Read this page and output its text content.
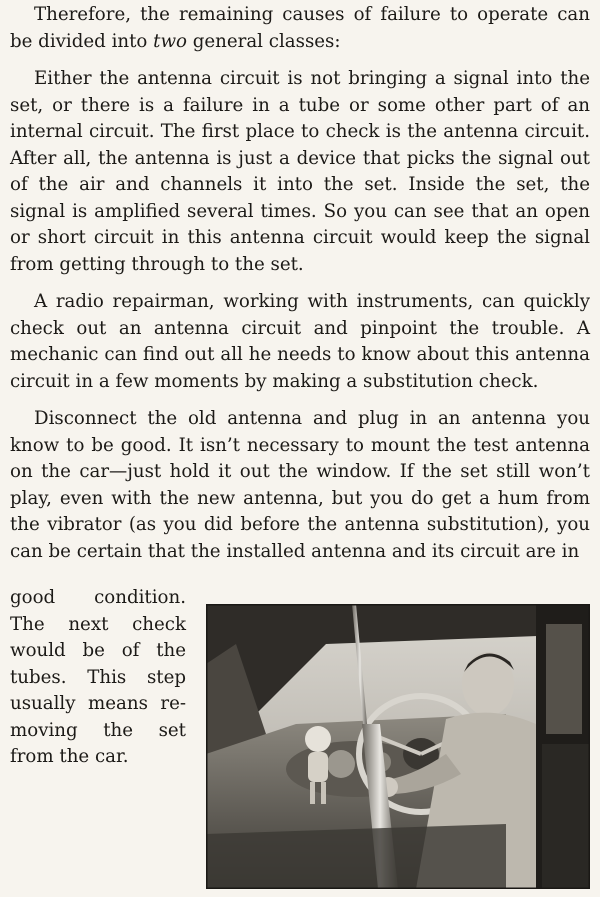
Therefore, the remaining causes of failure to operate can be divided into two general classes:

Either the antenna circuit is not bringing a signal into the set, or there is a failure in a tube or some other part of an internal circuit. The first place to check is the antenna circuit. After all, the antenna is just a device that picks the signal out of the air and channels it into the set. Inside the set, the signal is amplified several times. So you can see that an open or short circuit in this antenna circuit would keep the signal from getting through to the set.

A radio repairman, working with instruments, can quickly check out an antenna circuit and pinpoint the trouble. A mechanic can find out all he needs to know about this antenna circuit in a few moments by making a substitution check.

Disconnect the old antenna and plug in an antenna you know to be good. It isn’t necessary to mount the test antenna on the car—just hold it out the window. If the set still won’t play, even with the new antenna, but you do get a hum from the vibrator (as you did before the antenna substitution), you can be certain that the installed antenna and its circuit are in

good condition.
The next check
would be of the
tubes. This step
usually means re-
moving the set
from the car.
